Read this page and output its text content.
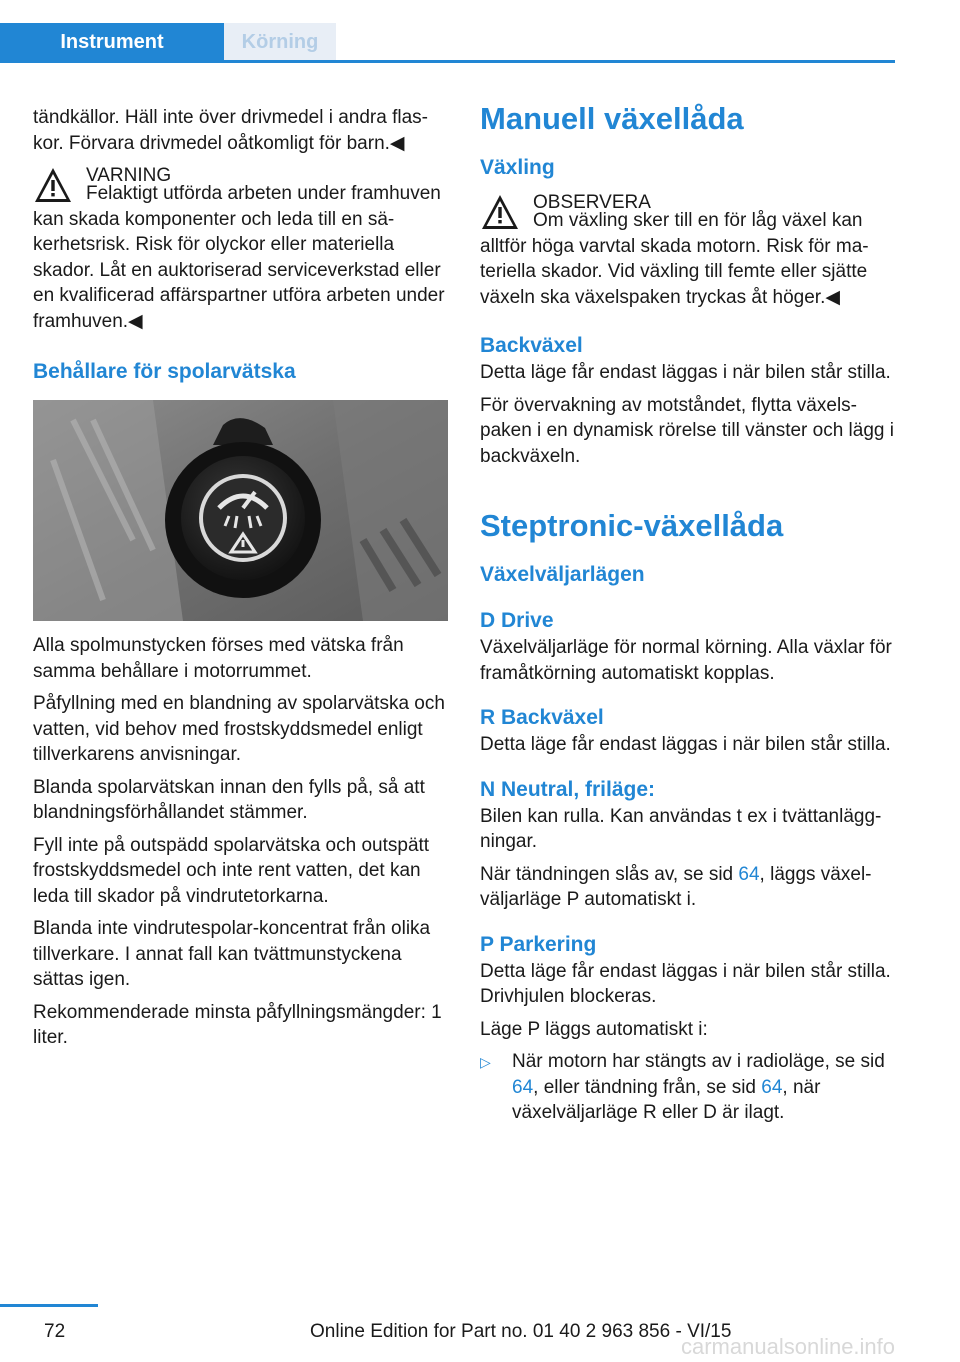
Instrument	Körning

tändkällor. Häll inte över drivmedel i andra flaskor. Förvara drivmedel oåtkomligt för barn.◀

VARNING
Felaktigt utförda arbeten under framhuven kan skada komponenter och leda till en säkerhetsrisk. Risk för olyckor eller materiella skador. Låt en auktoriserad serviceverkstad eller en kvalificerad affärspartner utföra arbeten under framhuven.◀
Behållare för spolarvätska

Alla spolmunstycken förses med vätska från samma behållare i motorrummet.

Påfyllning med en blandning av spolarvätska och vatten, vid behov med frostskyddsmedel enligt tillverkarens anvisningar.

Blanda spolarvätskan innan den fylls på, så att blandningsförhållandet stämmer.

Fyll inte på outspädd spolarvätska och outspätt frostskyddsmedel och inte rent vatten, det kan leda till skador på vindrutetorkarna.

Blanda inte vindrutespolar-koncentrat från olika tillverkare. I annat fall kan tvättmunstyckena sättas igen.

Rekommenderade minsta påfyllningsmängder: 1 liter.

Manuell växellåda
Växling
OBSERVERA
Om växling sker till en för låg växel kan alltför höga varvtal skada motorn. Risk för materiella skador. Vid växling till femte eller sjätte växeln ska växelspaken tryckas åt höger.◀
Backväxel

Detta läge får endast läggas i när bilen står stilla.

För övervakning av motståndet, flytta växelspaken i en dynamisk rörelse till vänster och lägg i backväxeln.

Steptronic-växellåda
Växelväljarlägen
D Drive

Växelväljarläge för normal körning. Alla växlar för framåtkörning automatiskt kopplas.

R Backväxel

Detta läge får endast läggas i när bilen står stilla.

N Neutral, friläge:

Bilen kan rulla. Kan användas t ex i tvättanläggningar.

När tändningen slås av, se sid 64, läggs växelväljarläge P automatiskt i.

P Parkering

Detta läge får endast läggas i när bilen står stilla. Drivhjulen blockeras.

Läge P läggs automatiskt i:

▷	När motorn har stängts av i radioläge, se sid 64, eller tändning från, se sid 64, när växelväljarläge R eller D är ilagt.
72	Online Edition for Part no. 01 40 2 963 856 - VI/15
carmanualsonline.info
